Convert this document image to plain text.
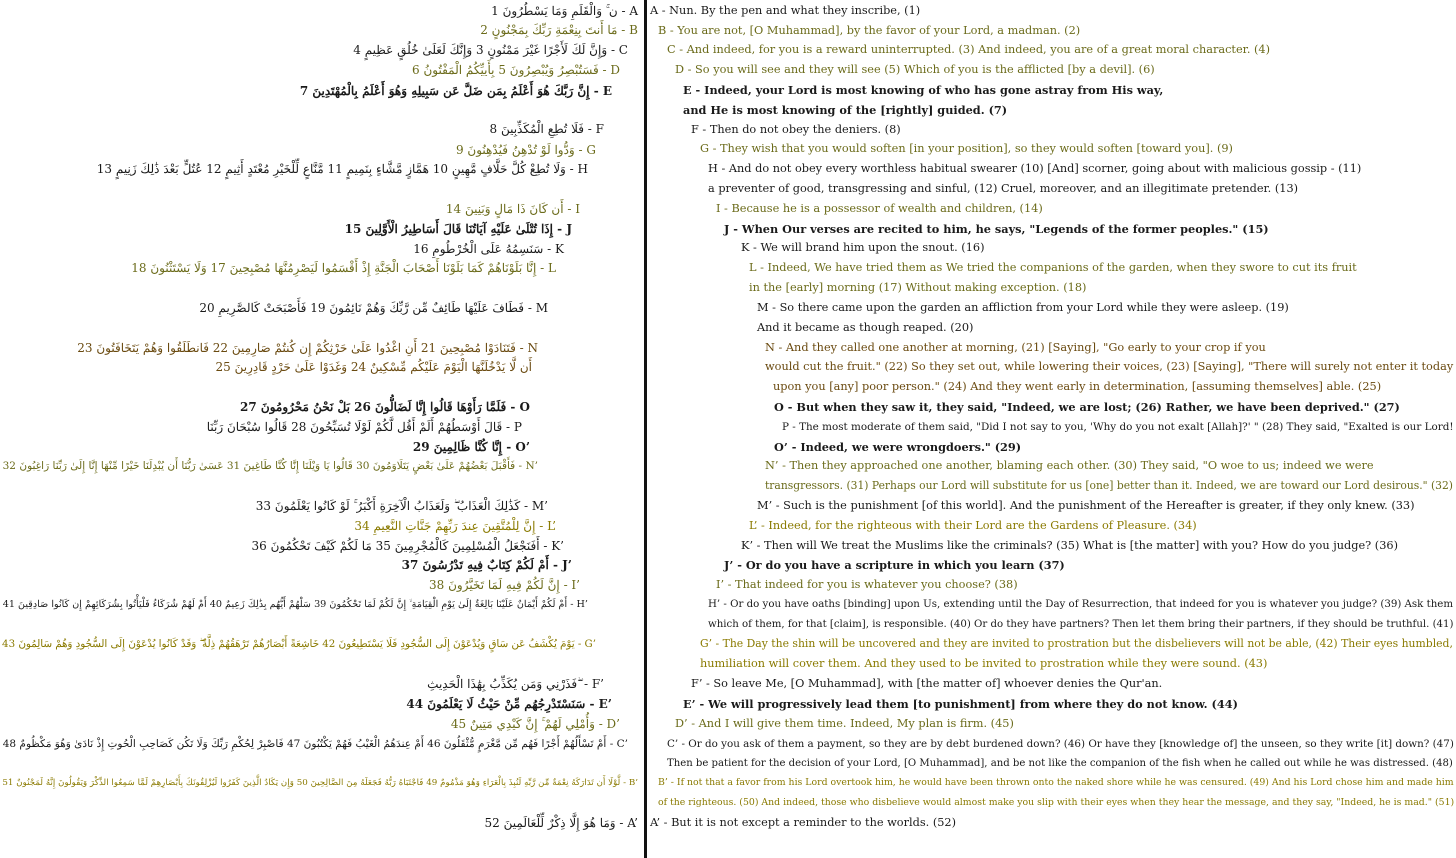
ن ۚ وَالْقَلَمِ وَمَا يَسْطُرُونَ 1 - A
مَا أَنتَ بِنِعْمَةِ رَبِّكَ بِمَجْنُونٍ 2 - B
وَإِنَّ لَكَ لَأَجْرًا غَيْرَ مَمْنُونٍ 3 وَإِنَّكَ لَعَلَىٰ خُلُقٍ عَظِيمٍ 4 - C
فَسَتُبْصِرُ وَيُبْصِرُونَ 5 بِأَييِّكُمُ الْمَفْتُونُ 6 - D
إِنَّ رَبَّكَ هُوَ أَعْلَمُ بِمَن ضَلَّ عَن سَبِيلِهِ وَهُوَ أَعْلَمُ بِالْمُهْتَدِينَ 7 - E
فَلَا تُطِعِ الْمُكَذِّبِينَ 8 - F
وَدُّوا لَوْ تُدْهِنُ فَيُدْهِنُونَ 9 - G
وَلَا تُطِعْ كُلَّ حَلَّافٍ مَّهِينٍ 10 هَمَّازٍ مَّشَّاءٍ بِنَمِيمٍ 11 مَّنَّاعٍ لِّلْخَيْرِ مُعْتَدٍ أَثِيمٍ 12 عُتُلٍّ بَعْدَ ذَٰلِكَ زَنِيمٍ 13 - H
أَن كَانَ ذَا مَالٍ وَبَنِينَ 14 - I
إِذَا تُتْلَىٰ عَلَيْهِ آيَاتُنَا قَالَ أَسَاطِيرُ الْأَوَّلِينَ 15 - J
سَنَسِمُهُ عَلَى الْخُرْطُومِ 16 - K
إِنَّا بَلَوْنَاهُمْ كَمَا بَلَوْنَا أَصْحَابَ الْجَنَّةِ إِذْ أَقْسَمُوا لَيَصْرِمُنَّهَا مُصْبِحِينَ 17 وَلَا يَسْتَثْنُونَ 18 - L
فَطَافَ عَلَيْهَا طَائِفٌ مِّن رَّبِّكَ وَهُمْ نَائِمُونَ 19 فَأَصْبَحَتْ كَالصَّرِيمِ 20 - M
فَتَنَادَوْا مُصْبِحِينَ 21 أَنِ اغْدُوا عَلَىٰ حَرْثِكُمْ إِن كُنتُمْ صَارِمِينَ 22 فَانطَلَقُوا وَهُمْ يَتَخَافَتُونَ 23 - N
أَن لَّا يَدْخُلَنَّهَا الْيَوْمَ عَلَيْكُم مِّسْكِينٌ 24 وَغَدَوْا عَلَىٰ حَرْدٍ قَادِرِينَ 25
فَلَمَّا رَأَوْهَا قَالُوا إِنَّا لَضَالُّونَ 26 بَلْ نَحْنُ مَحْرُومُونَ 27 - O
قَالَ أَوْسَطُهُمْ أَلَمْ أَقُل لَّكُمْ لَوْلَا تُسَبِّحُونَ 28 قَالُوا سُبْحَانَ رَبِّنَا - P
إِنَّا كُنَّا ظَالِمِينَ 29 - O’
فَأَقْبَلَ بَعْضُهُمْ عَلَىٰ بَعْضٍ يَتَلَاوَمُونَ 30 قَالُوا يَا وَيْلَنَا إِنَّا كُنَّا طَاغِينَ 31 عَسَىٰ رَبُّنَا أَن يُبْدِلَنَا خَيْرًا مِّنْهَا إِنَّا إِلَىٰ رَبِّنَا رَاغِبُونَ 32 - N’
كَذَٰلِكَ الْعَذَابُ ۖ وَلَعَذَابُ الْآخِرَةِ أَكْبَرُ ۚ لَوْ كَانُوا يَعْلَمُونَ 33 - M’
إِنَّ لِلْمُتَّقِينَ عِندَ رَبِّهِمْ جَنَّاتِ النَّعِيمِ 34 - L’
أَفَنَجْعَلُ الْمُسْلِمِينَ كَالْمُجْرِمِينَ 35 مَا لَكُمْ كَيْفَ تَحْكُمُونَ 36 - K’
أَمْ لَكُمْ كِتَابٌ فِيهِ تَدْرُسُونَ 37 - J’
إِنَّ لَكُمْ فِيهِ لَمَا تَخَيَّرُونَ 38 - I’
أَمْ لَكُمْ أَيْمَانٌ عَلَيْنَا بَالِغَةٌ إِلَىٰ يَوْمِ الْقِيَامَةِ ۙ إِنَّ لَكُمْ لَمَا تَحْكُمُونَ 39 سَلْهُمْ أَيُّهُم بِذَٰلِكَ زَعِيمٌ 40 أَمْ لَهُمْ شُرَكَاءُ فَلْيَأْتُوا بِشُرَكَائِهِمْ إِن كَانُوا صَادِقِينَ 41 - H’
يَوْمَ يُكْشَفُ عَن سَاقٍ وَيُدْعَوْنَ إِلَى السُّجُودِ فَلَا يَسْتَطِيعُونَ 42 خَاشِعَةً أَبْصَارُهُمْ تَرْهَقُهُمْ ذِلَّةٌ ۖ وَقَدْ كَانُوا يُدْعَوْنَ إِلَى السُّجُودِ وَهُمْ سَالِمُونَ 43 - G’
فَذَرْنِي وَمَن يُكَذِّبُ بِهَٰذَا الْحَدِيثِ ۖ - F’
سَنَسْتَدْرِجُهُم مِّنْ حَيْثُ لَا يَعْلَمُونَ 44 - E’
وَأُمْلِي لَهُمْ ۚ إِنَّ كَيْدِي مَتِينٌ 45 - D’
أَمْ تَسْأَلُهُمْ أَجْرًا فَهُم مِّن مَّغْرَمٍ مُّثْقَلُونَ 46 أَمْ عِندَهُمُ الْغَيْبُ فَهُمْ يَكْتُبُونَ 47 فَاصْبِرْ لِحُكْمِ رَبِّكَ وَلَا تَكُن كَصَاحِبِ الْحُوتِ إِذْ نَادَىٰ وَهُوَ مَكْظُومٌ 48 - C’
لَّوْلَا أَن تَدَارَكَهُ نِعْمَةٌ مِّن رَّبِّهِ لَنُبِذَ بِالْعَرَاءِ وَهُوَ مَذْمُومٌ 49 فَاجْتَبَاهُ رَبُّهُ فَجَعَلَهُ مِنَ الصَّالِحِينَ 50 وَإِن يَكَادُ الَّذِينَ كَفَرُوا لَيُزْلِقُونَكَ بِأَبْصَارِهِمْ لَمَّا سَمِعُوا الذِّكْرَ وَيَقُولُونَ إِنَّهُ لَمَجْنُونٌ 51 - B’
وَمَا هُوَ إِلَّا ذِكْرٌ لِّلْعَالَمِينَ 52 - A’
A - Nun. By the pen and what they inscribe, (1)
B - You are not, [O Muhammad], by the favor of your Lord, a madman. (2)
C - And indeed, for you is a reward uninterrupted. (3) And indeed, you are of a great moral character. (4)
D - So you will see and they will see (5) Which of you is the afflicted [by a devil]. (6)
E - Indeed, your Lord is most knowing of who has gone astray from His way,
and He is most knowing of the [rightly] guided. (7)
F - Then do not obey the deniers. (8)
G - They wish that you would soften [in your position], so they would soften [toward you]. (9)
H - And do not obey every worthless habitual swearer (10) [And] scorner, going about with malicious gossip - (11)
a preventer of good, transgressing and sinful, (12) Cruel, moreover, and an illegitimate pretender. (13)
I - Because he is a possessor of wealth and children, (14)
J - When Our verses are recited to him, he says, "Legends of the former peoples." (15)
K - We will brand him upon the snout. (16)
L - Indeed, We have tried them as We tried the companions of the garden, when they swore to cut its fruit
in the [early] morning (17) Without making exception. (18)
M - So there came upon the garden an affliction from your Lord while they were asleep. (19)
And it became as though reaped. (20)
N - And they called one another at morning, (21) [Saying], "Go early to your crop if you
would cut the fruit." (22) So they set out, while lowering their voices, (23) [Saying], "There will surely not enter it today
upon you [any] poor person." (24) And they went early in determination, [assuming themselves] able. (25)
O - But when they saw it, they said, "Indeed, we are lost; (26) Rather, we have been deprived." (27)
P - The most moderate of them said, "Did I not say to you, 'Why do you not exalt [Allah]?' " (28) They said, "Exalted is our Lord!
O’ - Indeed, we were wrongdoers." (29)
N’ - Then they approached one another, blaming each other. (30) They said, "O woe to us; indeed we were
transgressors. (31) Perhaps our Lord will substitute for us [one] better than it. Indeed, we are toward our Lord desirous." (32)
M’ - Such is the punishment [of this world]. And the punishment of the Hereafter is greater, if they only knew. (33)
L’ - Indeed, for the righteous with their Lord are the Gardens of Pleasure. (34)
K’ - Then will We treat the Muslims like the criminals? (35) What is [the matter] with you? How do you judge? (36)
J’ - Or do you have a scripture in which you learn (37)
I’ - That indeed for you is whatever you choose? (38)
H’ - Or do you have oaths [binding] upon Us, extending until the Day of Resurrection, that indeed for you is whatever you judge? (39) Ask them
which of them, for that [claim], is responsible. (40) Or do they have partners? Then let them bring their partners, if they should be truthful. (41)
G’ - The Day the shin will be uncovered and they are invited to prostration but the disbelievers will not be able, (42) Their eyes humbled,
humiliation will cover them. And they used to be invited to prostration while they were sound. (43)
F’ - So leave Me, [O Muhammad], with [the matter of] whoever denies the Qur'an.
E’ - We will progressively lead them [to punishment] from where they do not know. (44)
D’ - And I will give them time. Indeed, My plan is firm. (45)
C’ - Or do you ask of them a payment, so they are by debt burdened down? (46) Or have they [knowledge of] the unseen, so they write [it] down? (47)
Then be patient for the decision of your Lord, [O Muhammad], and be not like the companion of the fish when he called out while he was distressed. (48)
B’ - If not that a favor from his Lord overtook him, he would have been thrown onto the naked shore while he was censured. (49) And his Lord chose him and made him
of the righteous. (50) And indeed, those who disbelieve would almost make you slip with their eyes when they hear the message, and they say, "Indeed, he is mad." (51)
A’ - But it is not except a reminder to the worlds. (52)
